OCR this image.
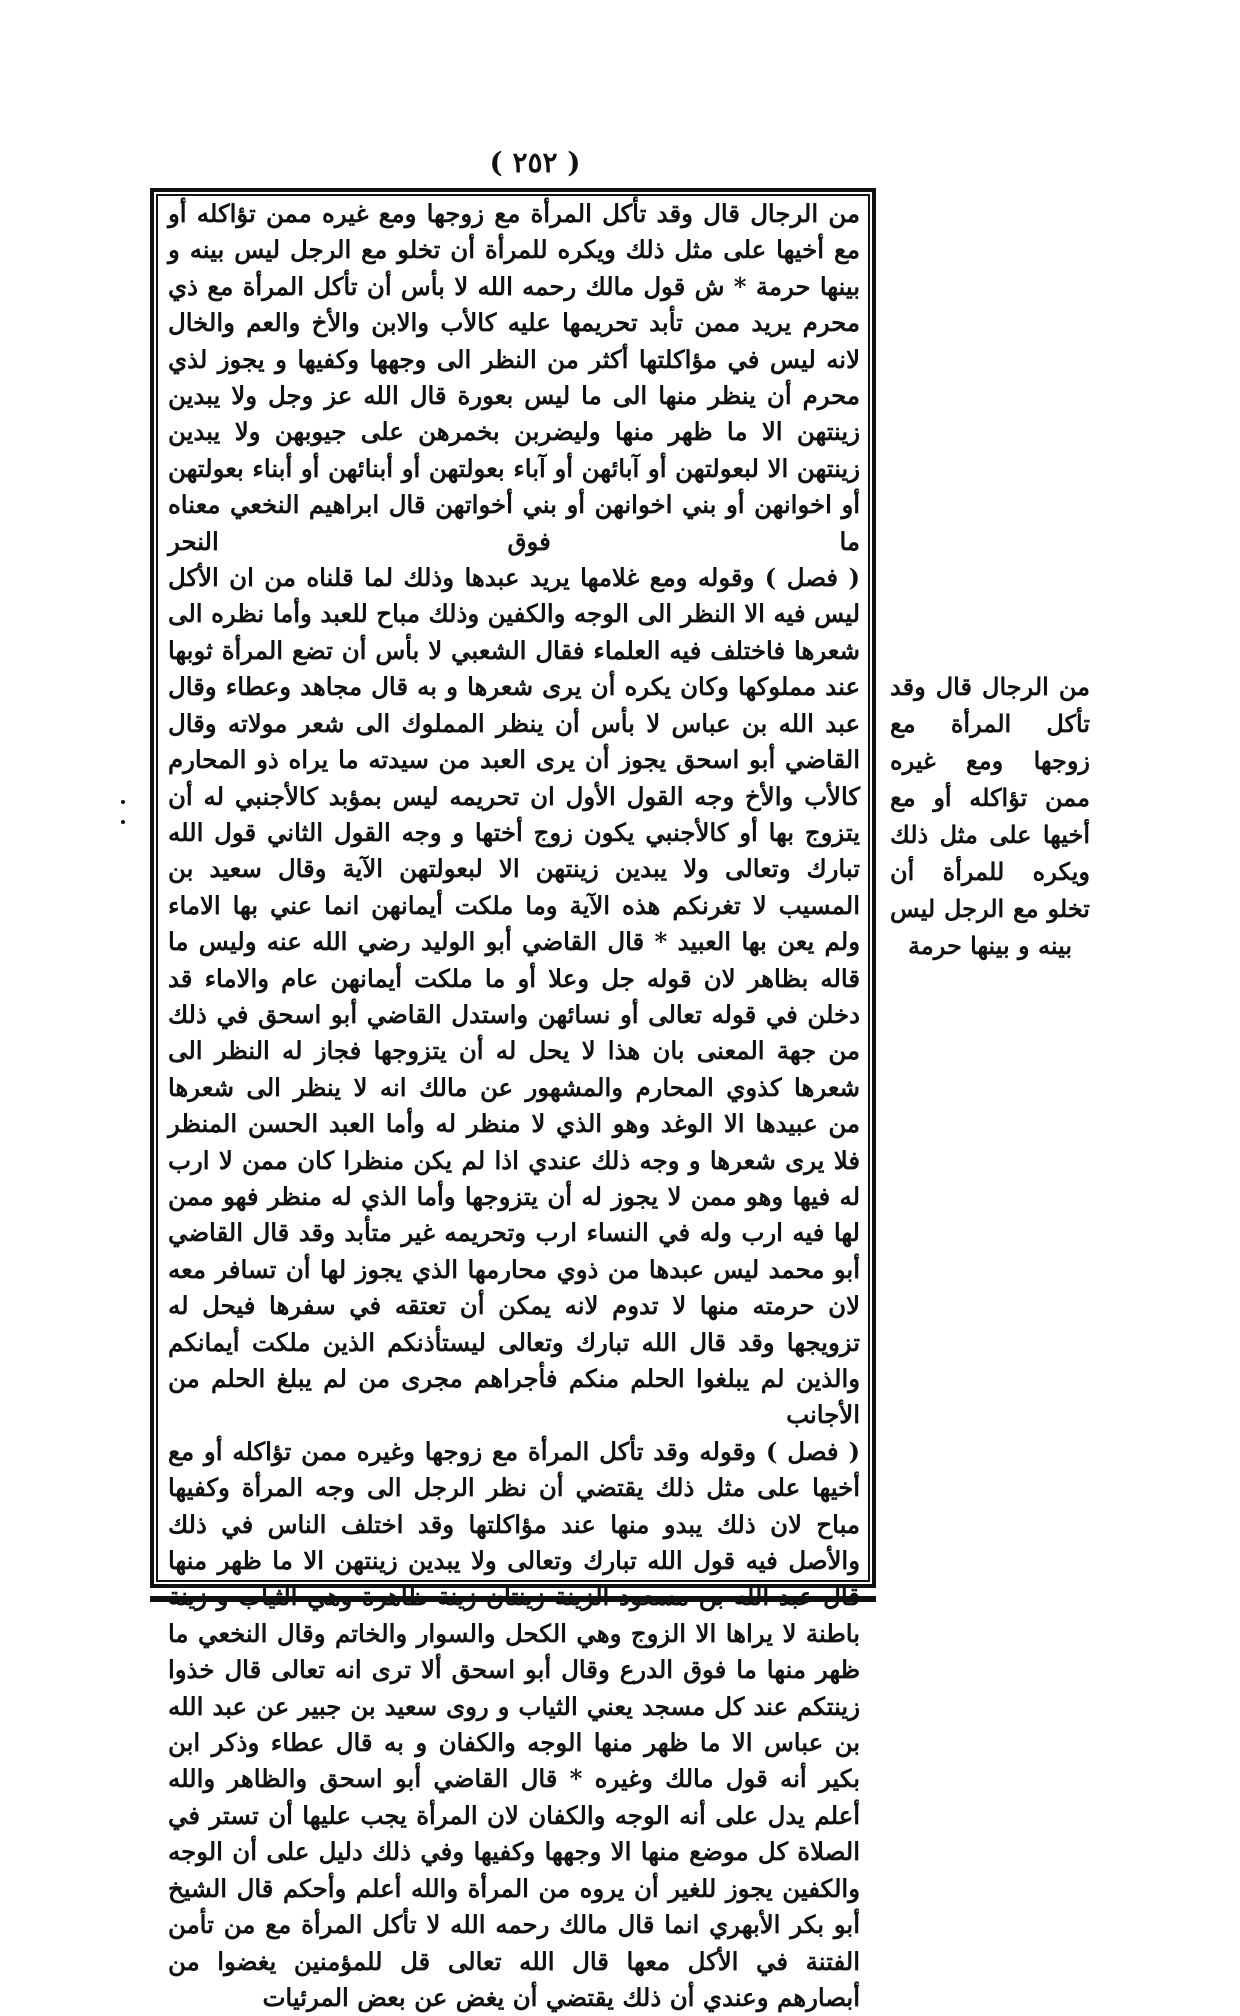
( ٢٥٢ )

من الرجال قال وقد تأكل المرأة مع زوجها ومع غيره ممن تؤاكله أو مع أخيها على مثل ذلك ويكره للمرأة أن تخلو مع الرجل ليس بينه و بينها حرمة * ش قول مالك رحمه الله لا بأس أن تأكل المرأة مع ذي محرم يريد ممن تأبد تحريمها عليه كالأب والابن والأخ والعم والخال لانه ليس في مؤاكلتها أكثر من النظر الى وجهها وكفيها و يجوز لذي محرم أن ينظر منها الى ما ليس بعورة قال الله عز وجل ولا يبدين زينتهن الا ما ظهر منها وليضربن بخمرهن على جيوبهن ولا يبدين زينتهن الا لبعولتهن أو آبائهن أو آباء بعولتهن أو أبنائهن أو أبناء بعولتهن أو اخوانهن أو بني اخوانهن أو بني أخواتهن قال ابراهيم النخعي معناه ما فوق النحر

( فصل ) وقوله ومع غلامها يريد عبدها وذلك لما قلناه من ان الأكل ليس فيه الا النظر الى الوجه والكفين وذلك مباح للعبد وأما نظره الى شعرها فاختلف فيه العلماء فقال الشعبي لا بأس أن تضع المرأة ثوبها عند مملوكها وكان يكره أن يرى شعرها و به قال مجاهد وعطاء وقال عبد الله بن عباس لا بأس أن ينظر المملوك الى شعر مولاته وقال القاضي أبو اسحق يجوز أن يرى العبد من سيدته ما يراه ذو المحارم كالأب والأخ وجه القول الأول ان تحريمه ليس بمؤبد كالأجنبي له أن يتزوج بها أو كالأجنبي يكون زوج أختها و وجه القول الثاني قول الله تبارك وتعالى ولا يبدين زينتهن الا لبعولتهن الآية وقال سعيد بن المسيب لا تغرنكم هذه الآية وما ملكت أيمانهن انما عني بها الاماء ولم يعن بها العبيد * قال القاضي أبو الوليد رضي الله عنه وليس ما قاله بظاهر لان قوله جل وعلا أو ما ملكت أيمانهن عام والاماء قد دخلن في قوله تعالى أو نسائهن واستدل القاضي أبو اسحق في ذلك من جهة المعنى بان هذا لا يحل له أن يتزوجها فجاز له النظر الى شعرها كذوي المحارم والمشهور عن مالك انه لا ينظر الى شعرها من عبيدها الا الوغد وهو الذي لا منظر له وأما العبد الحسن المنظر فلا يرى شعرها و وجه ذلك عندي اذا لم يكن منظرا كان ممن لا ارب له فيها وهو ممن لا يجوز له أن يتزوجها وأما الذي له منظر فهو ممن لها فيه ارب وله في النساء ارب وتحريمه غير متأبد وقد قال القاضي أبو محمد ليس عبدها من ذوي محارمها الذي يجوز لها أن تسافر معه لان حرمته منها لا تدوم لانه يمكن أن تعتقه في سفرها فيحل له تزويجها وقد قال الله تبارك وتعالى ليستأذنكم الذين ملكت أيمانكم والذين لم يبلغوا الحلم منكم فأجراهم مجرى من لم يبلغ الحلم من الأجانب

( فصل ) وقوله وقد تأكل المرأة مع زوجها وغيره ممن تؤاكله أو مع أخيها على مثل ذلك يقتضي أن نظر الرجل الى وجه المرأة وكفيها مباح لان ذلك يبدو منها عند مؤاكلتها وقد اختلف الناس في ذلك والأصل فيه قول الله تبارك وتعالى ولا يبدين زينتهن الا ما ظهر منها قال عبد الله بن مسعود الزينة زينتان زينة ظاهرة وهي الثياب و زينة باطنة لا يراها الا الزوج وهي الكحل والسوار والخاتم وقال النخعي ما ظهر منها ما فوق الدرع وقال أبو اسحق ألا ترى انه تعالى قال خذوا زينتكم عند كل مسجد يعني الثياب و روى سعيد بن جبير عن عبد الله بن عباس الا ما ظهر منها الوجه والكفان و به قال عطاء وذكر ابن بكير أنه قول مالك وغيره * قال القاضي أبو اسحق والظاهر والله أعلم يدل على أنه الوجه والكفان لان المرأة يجب عليها أن تستر في الصلاة كل موضع منها الا وجهها وكفيها وفي ذلك دليل على أن الوجه والكفين يجوز للغير أن يروه من المرأة والله أعلم وأحكم قال الشيخ أبو بكر الأبهري انما قال مالك رحمه الله لا تأكل المرأة مع من تأمن الفتنة في الأكل معها قال الله تعالى قل للمؤمنين يغضوا من أبصارهم وعندي أن ذلك يقتضي أن يغض عن بعض المرئيات

من الرجال قال وقد تأكل المرأة مع زوجها ومع غيره ممن تؤاكله أو مع أخيها على مثل ذلك ويكره للمرأة أن تخلو مع الرجل ليس بينه و بينها حرمة
